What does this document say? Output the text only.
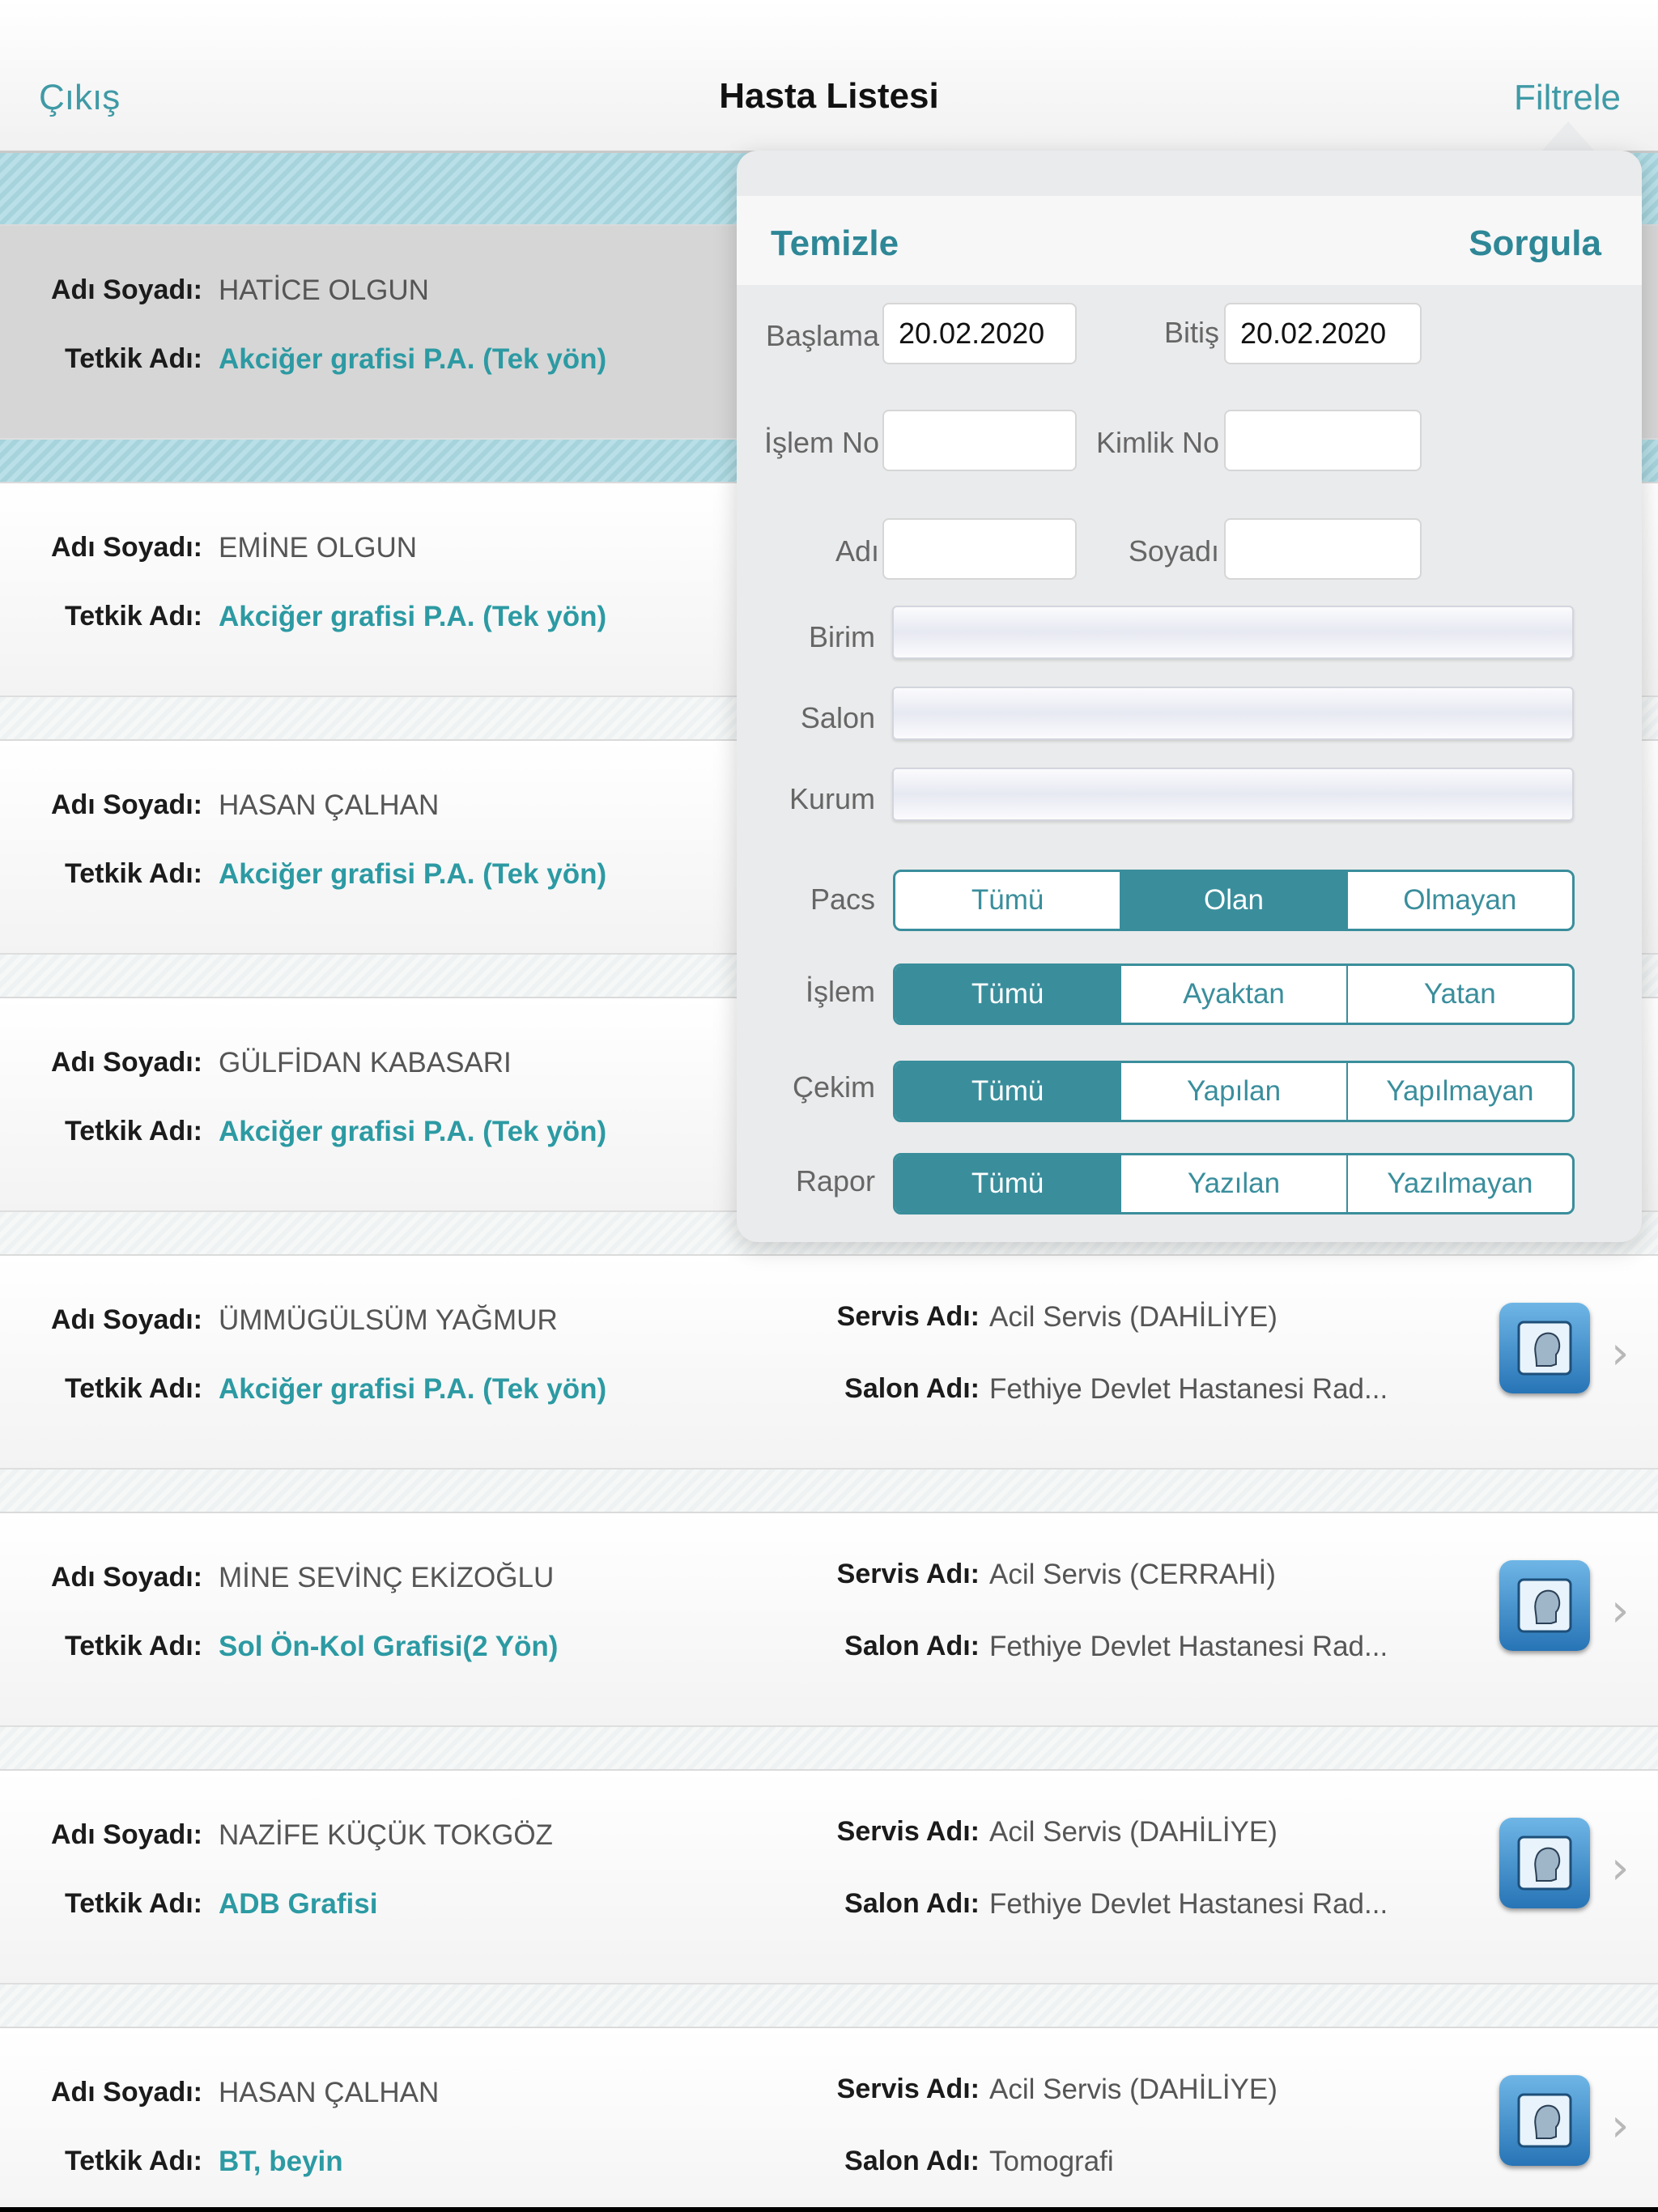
Çıkış	Hasta Listesi	Filtrele
Adı Soyadı: HATİCE OLGUN
Tetkik Adı: Akciğer grafisi P.A. (Tek yön)
Adı Soyadı: EMİNE OLGUN
Tetkik Adı: Akciğer grafisi P.A. (Tek yön)
Adı Soyadı: HASAN ÇALHAN
Tetkik Adı: Akciğer grafisi P.A. (Tek yön)
Adı Soyadı: GÜLFİDAN KABASARI
Tetkik Adı: Akciğer grafisi P.A. (Tek yön)
Adı Soyadı: ÜMMÜGÜLSÜM YAĞMUR
Tetkik Adı: Akciğer grafisi P.A. (Tek yön)
Servis Adı: Acil Servis (DAHİLİYE)
Salon Adı: Fethiye Devlet Hastanesi Rad...
›
Adı Soyadı: MİNE SEVİNÇ EKİZOĞLU
Tetkik Adı: Sol Ön-Kol Grafisi(2 Yön)
Servis Adı: Acil Servis (CERRAHİ)
Salon Adı: Fethiye Devlet Hastanesi Rad...
›
Adı Soyadı: NAZİFE KÜÇÜK TOKGÖZ
Tetkik Adı: ADB Grafisi
Servis Adı: Acil Servis (DAHİLİYE)
Salon Adı: Fethiye Devlet Hastanesi Rad...
›
Adı Soyadı: HASAN ÇALHAN
Tetkik Adı: BT, beyin
Servis Adı: Acil Servis (DAHİLİYE)
Salon Adı: Tomografi
›
Temizle	Sorgula
Başlama 20.02.2020	Bitiş 20.02.2020
İşlem No	Kimlik No
Adı	Soyadı
Birim
Salon
Kurum
Pacs	Tümü	Olan	Olmayan
İşlem	Tümü	Ayaktan	Yatan
Çekim	Tümü	Yapılan	Yapılmayan
Rapor	Tümü	Yazılan	Yazılmayan
